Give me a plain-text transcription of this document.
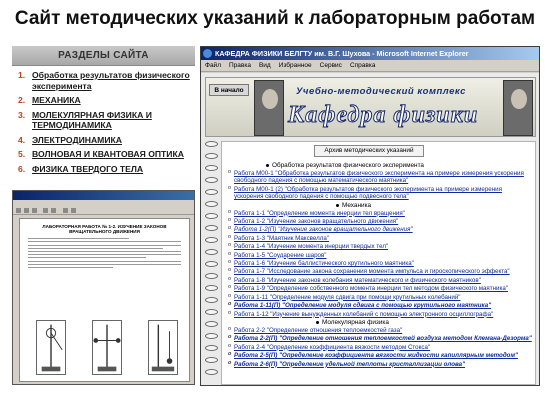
Сайт методических указаний к лабораторным работам
РАЗДЕЛЫ САЙТА
1. Обработка результатов физического эксперимента
2. МЕХАНИКА
3. МОЛЕКУЛЯРНАЯ ФИЗИКА И ТЕРМОДИНАМИКА
4. ЭЛЕКТРОДИНАМИКА
5. ВОЛНОВАЯ И КВАНТОВАЯ ОПТИКА
6. ФИЗИКА ТВЕРДОГО ТЕЛА
ЛАБОРАТОРНАЯ РАБОТА № 1-2. ИЗУЧЕНИЕ ЗАКОНОВ ВРАЩАТЕЛЬНОГО ДВИЖЕНИЯ
КАФЕДРА ФИЗИКИ БЕЛГТУ им. В.Г. Шухова - Microsoft Internet Explorer
Файл Правка Вид Избранное Сервис Справка
В начало	Учебно-методический комплекс
Кафедра физики
Архив методических указаний
Обработка результатов физического эксперимента
o Работа М00-1 "Обработка результатов физического эксперимента на примере измерения ускорения свободного падения с помощью математического маятника"
o Работа М00-1 (2) "Обработка результатов физического эксперимента на примере измерения ускорения свободного падения с помощью подвесного тела"
Механика
o Работа 1-1 "Определение момента инерции тел вращения"
o Работа 1-2 "Изучение законов вращательного движения"
o Работа 1-2(П) "Изучение законов вращательного движения"
o Работа 1-3 "Маятник Максвелла"
o Работа 1-4 "Изучение момента инерции твердых тел"
o Работа 1-5 "Соударение шаров"
o Работа 1-6 "Изучение баллистического крутильного маятника"
o Работа 1-7 "Исследование закона сохранения момента импульса и гироскопического эффекта"
o Работа 1-8 "Изучение законов колебания математического и физического маятников"
o Работа 1-9 "Определение собственного момента инерции тел методом физического маятника"
o Работа 1-11 "Определение модуля сдвига при помощи крутильных колебаний"
o Работа 1-11(П) "Определение модуля сдвига с помощью крутильного маятника"
o Работа 1-12 "Изучение вынужденных колебаний с помощью электронного осциллографа"
Молекулярная физика
o Работа 2-2 "Определение отношения теплоемкостей газа"
o Работа 2-2(П) "Определение отношения теплоемкостей воздуха методом Клемана-Дезорма"
o Работа 2-4 "Определение коэффициента вязкости методом Стокса"
o Работа 2-5(П) "Определение коэффициента вязкости жидкости капиллярным методом"
o Работа 2-6(П) "Определение удельной теплоты кристаллизации олова"
